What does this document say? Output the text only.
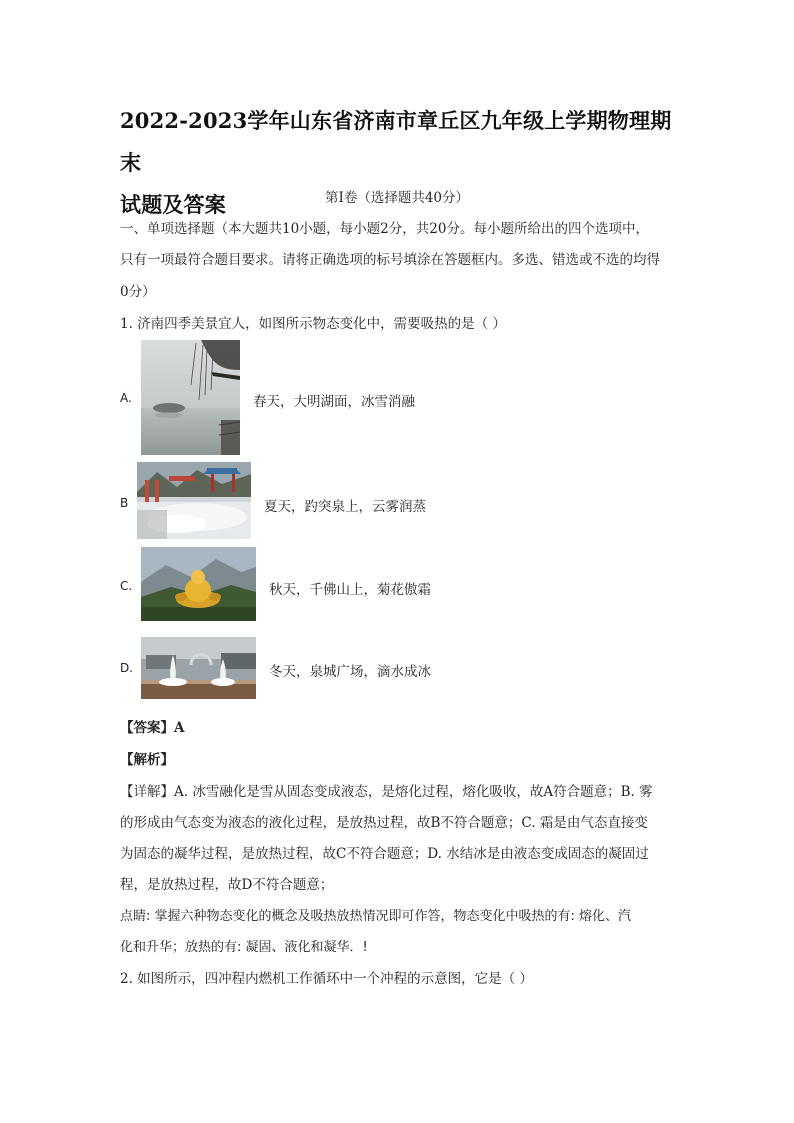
2022-2023学年山东省济南市章丘区九年级上学期物理期末
试题及答案	第Ⅰ卷（选择题共40分）
一、单项选择题（本大题共10小题，每小题2分，共20分。每小题所给出的四个选项中，
只有一项最符合题目要求。请将正确选项的标号填涂在答题框内。多选、错选或不选的均得
0分）
1. 济南四季美景宜人，如图所示物态变化中，需要吸热的是（ ）
A.	春天，大明湖面，冰雪消融
B	夏天，趵突泉上，云雾润蒸
C.	秋天，千佛山上，菊花傲霜
D.	冬天，泉城广场，滴水成冰
【答案】A
【解析】
【详解】A. 冰雪融化是雪从固态变成液态，是熔化过程，熔化吸收，故A符合题意；B. 雾
的形成由气态变为液态的液化过程，是放热过程，故B不符合题意；C. 霜是由气态直接变
为固态的凝华过程，是放热过程，故C不符合题意；D. 水结冰是由液态变成固态的凝固过
程，是放热过程，故D不符合题意；
点睛: 掌握六种物态变化的概念及吸热放热情况即可作答，物态变化中吸热的有: 熔化、汽
化和升华；放热的有: 凝固、液化和凝华．!
2. 如图所示，四冲程内燃机工作循环中一个冲程的示意图，它是（ ）
